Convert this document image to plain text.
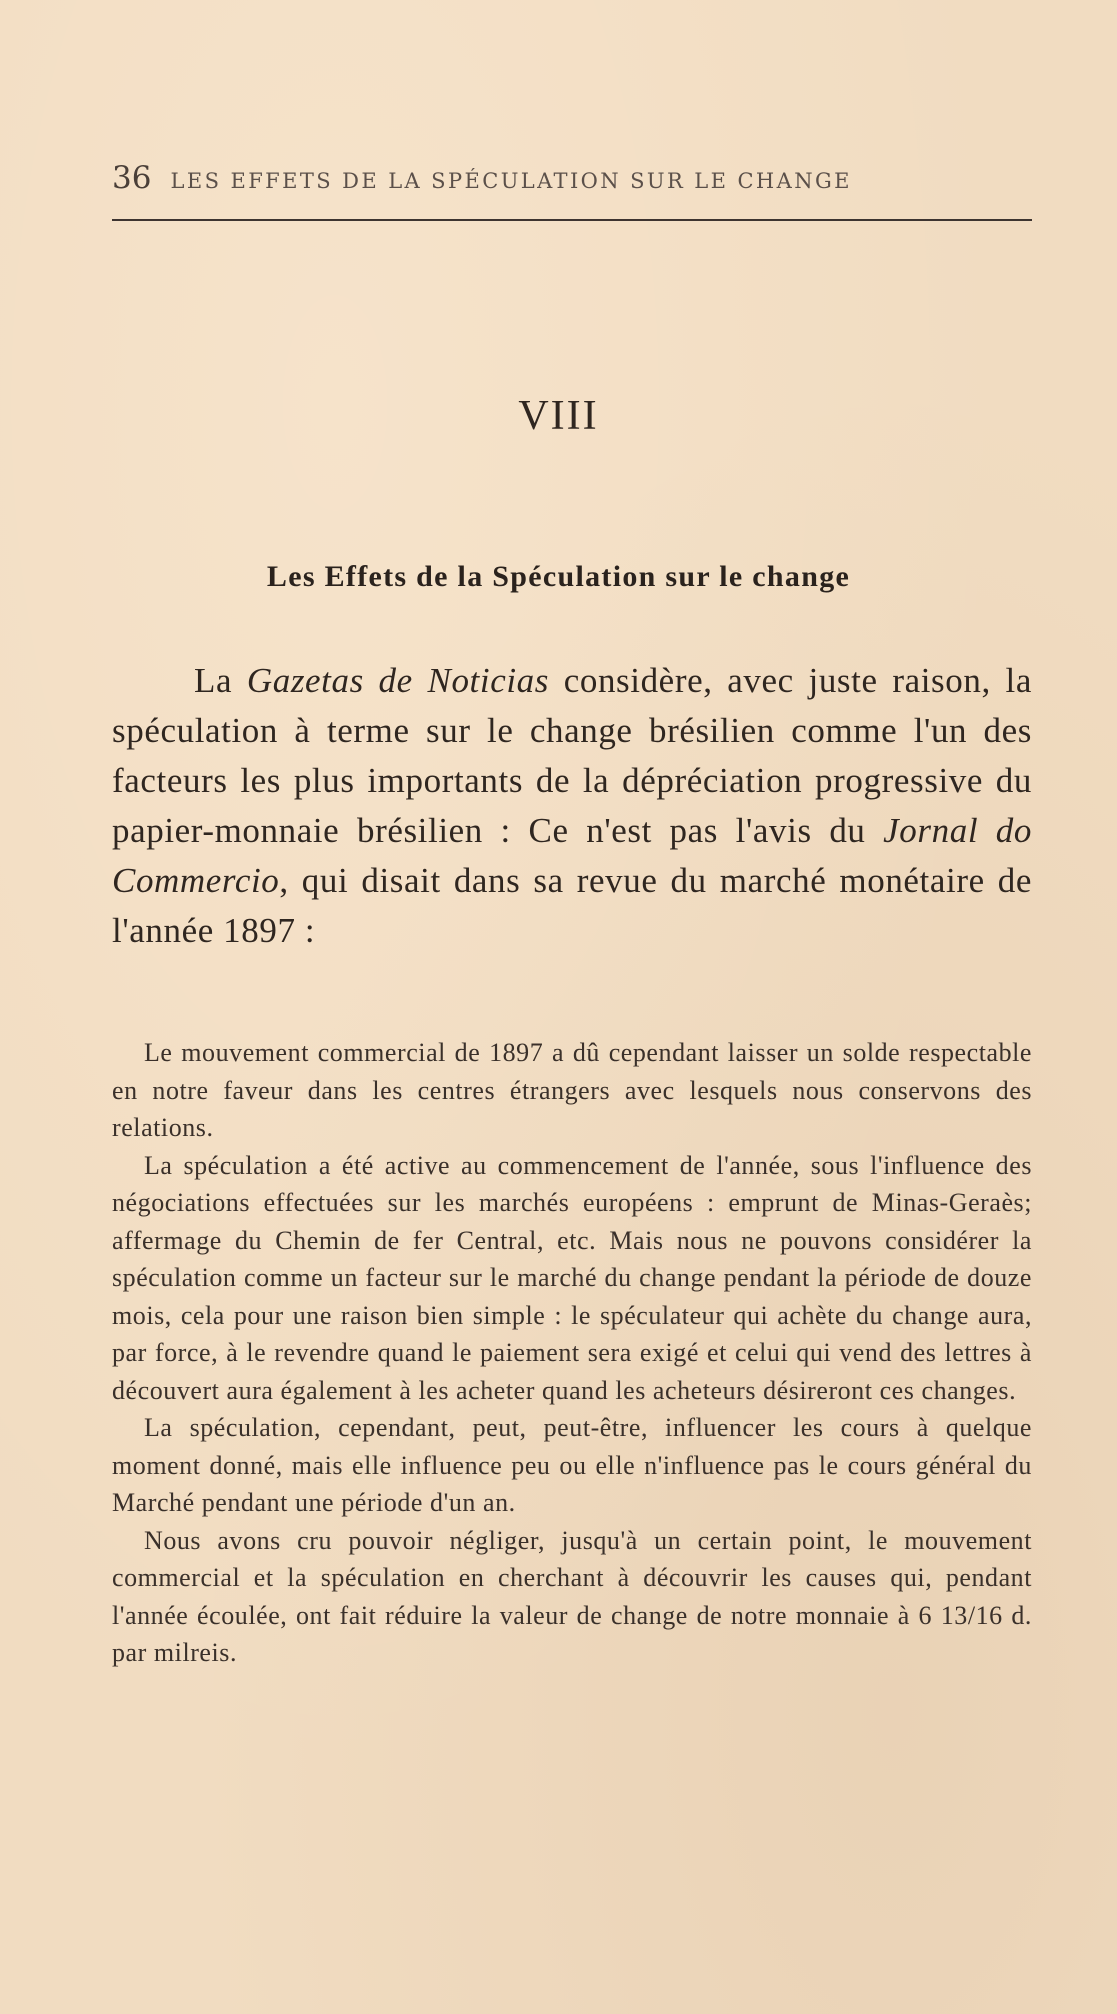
36 LES EFFETS DE LA SPÉCULATION SUR LE CHANGE
VIII
Les Effets de la Spéculation sur le change

La Gazetas de Noticias considère, avec juste raison, la spéculation à terme sur le change brésilien comme l'un des facteurs les plus importants de la dépréciation progressive du papier-monnaie brésilien : Ce n'est pas l'avis du Jornal do Commercio, qui disait dans sa revue du marché monétaire de l'année 1897 :

Le mouvement commercial de 1897 a dû cependant laisser un solde respectable en notre faveur dans les centres étrangers avec lesquels nous conservons des relations.

La spéculation a été active au commencement de l'année, sous l'influence des négociations effectuées sur les marchés européens : emprunt de Minas-Geraès; affermage du Chemin de fer Central, etc. Mais nous ne pouvons considérer la spéculation comme un facteur sur le marché du change pendant la période de douze mois, cela pour une raison bien simple : le spéculateur qui achète du change aura, par force, à le revendre quand le paiement sera exigé et celui qui vend des lettres à découvert aura également à les acheter quand les acheteurs désireront ces changes.

La spéculation, cependant, peut, peut-être, influencer les cours à quelque moment donné, mais elle influence peu ou elle n'influence pas le cours général du Marché pendant une période d'un an.

Nous avons cru pouvoir négliger, jusqu'à un certain point, le mouvement commercial et la spéculation en cherchant à découvrir les causes qui, pendant l'année écoulée, ont fait réduire la valeur de change de notre monnaie à 6 13/16 d. par milreis.
